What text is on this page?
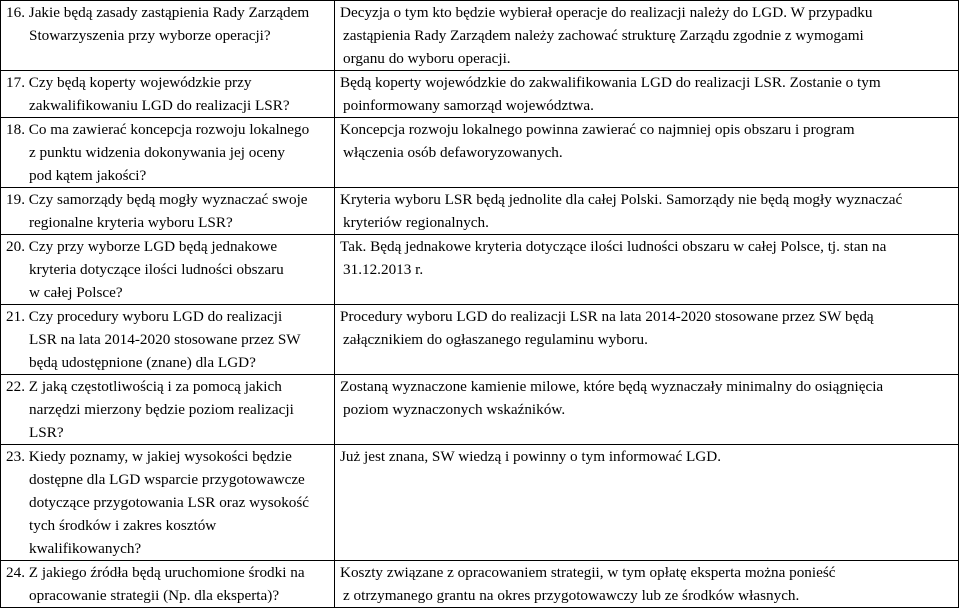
16. Jakie będą zasady zastąpienia Rady Zarządem
Stowarzyszenia przy wyborze operacji?	Decyzja o tym kto będzie wybierał operacje do realizacji należy do LGD. W przypadku
zastąpienia Rady Zarządem należy zachować strukturę Zarządu zgodnie z wymogami
organu do wyboru operacji.

17. Czy będą koperty wojewódzkie przy
zakwalifikowaniu LGD do realizacji LSR?	Będą koperty wojewódzkie do zakwalifikowania LGD do realizacji LSR. Zostanie o tym
poinformowany samorząd województwa.

18. Co ma zawierać koncepcja rozwoju lokalnego
z punktu widzenia dokonywania jej oceny
pod kątem jakości?	Koncepcja rozwoju lokalnego powinna zawierać co najmniej opis obszaru i program
włączenia osób defaworyzowanych.

19. Czy samorządy będą mogły wyznaczać swoje
regionalne kryteria wyboru LSR?	Kryteria wyboru LSR będą jednolite dla całej Polski. Samorządy nie będą mogły wyznaczać
kryteriów regionalnych.

20. Czy przy wyborze LGD będą jednakowe
kryteria dotyczące ilości ludności obszaru
w całej Polsce?	Tak. Będą jednakowe kryteria dotyczące ilości ludności obszaru w całej Polsce, tj. stan na
31.12.2013 r.

21. Czy procedury wyboru LGD do realizacji
LSR na lata 2014-2020 stosowane przez SW
będą udostępnione (znane) dla LGD?	Procedury wyboru LGD do realizacji LSR na lata 2014-2020 stosowane przez SW będą
załącznikiem do ogłaszanego regulaminu wyboru.

22. Z jaką częstotliwością i za pomocą jakich
narzędzi mierzony będzie poziom realizacji
LSR?	Zostaną wyznaczone kamienie milowe, które będą wyznaczały minimalny do osiągnięcia
poziom wyznaczonych wskaźników.

23. Kiedy poznamy, w jakiej wysokości będzie
dostępne dla LGD wsparcie przygotowawcze
dotyczące przygotowania LSR oraz wysokość
tych środków i zakres kosztów
kwalifikowanych?	Już jest znana, SW wiedzą i powinny o tym informować LGD.

24. Z jakiego źródła będą uruchomione środki na
opracowanie strategii (Np. dla eksperta)?	Koszty związane z opracowaniem strategii, w tym opłatę eksperta można ponieść
z otrzymanego grantu na okres przygotowawczy lub ze środków własnych.
